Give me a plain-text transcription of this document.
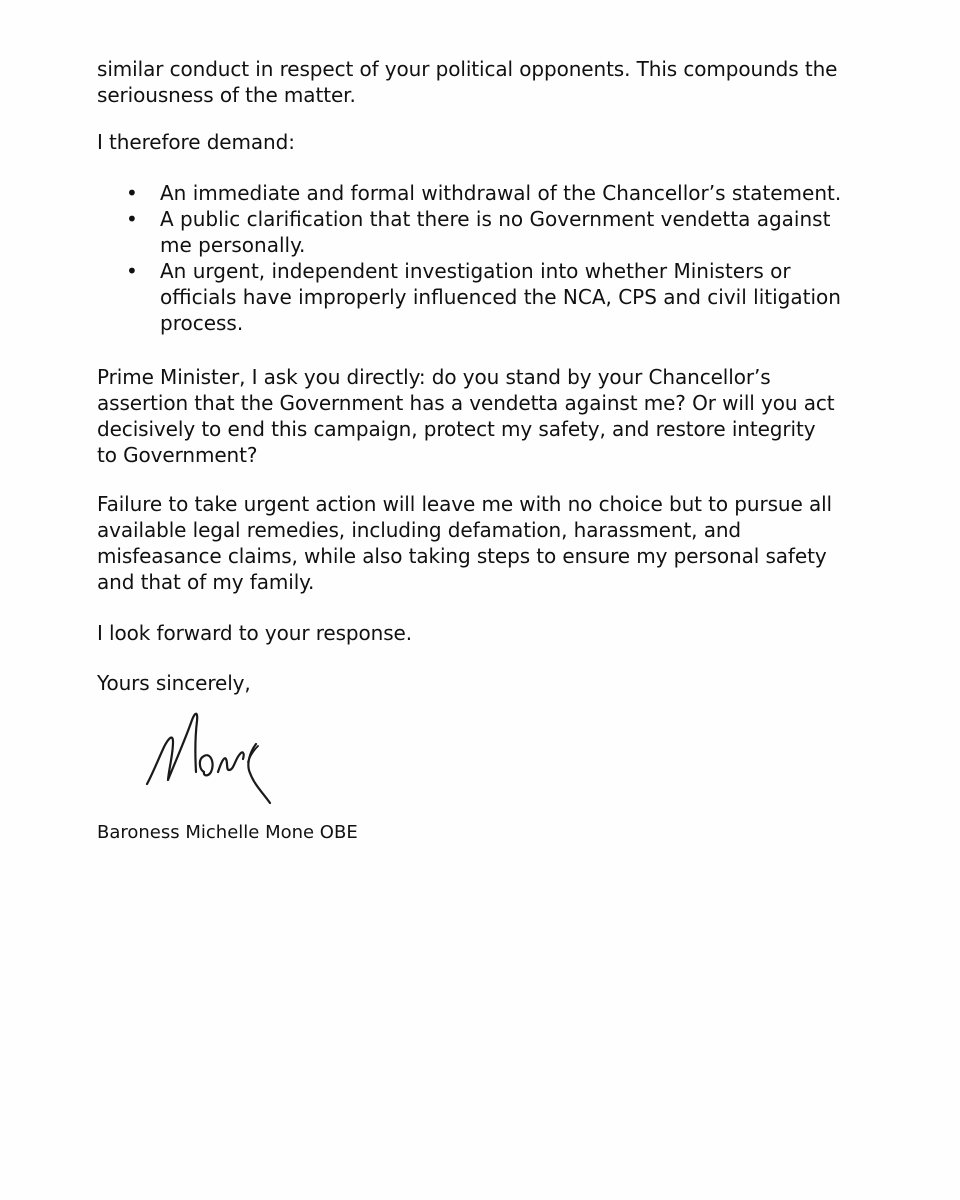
similar conduct in respect of your political opponents. This compounds the
seriousness of the matter.
I therefore demand:
• An immediate and formal withdrawal of the Chancellor’s statement.
• A public clarification that there is no Government vendetta against
me personally.
• An urgent, independent investigation into whether Ministers or
officials have improperly influenced the NCA, CPS and civil litigation
process.
Prime Minister, I ask you directly: do you stand by your Chancellor’s
assertion that the Government has a vendetta against me? Or will you act
decisively to end this campaign, protect my safety, and restore integrity
to Government?
Failure to take urgent action will leave me with no choice but to pursue all
available legal remedies, including defamation, harassment, and
misfeasance claims, while also taking steps to ensure my personal safety
and that of my family.
I look forward to your response.
Yours sincerely,
Baroness Michelle Mone OBE
